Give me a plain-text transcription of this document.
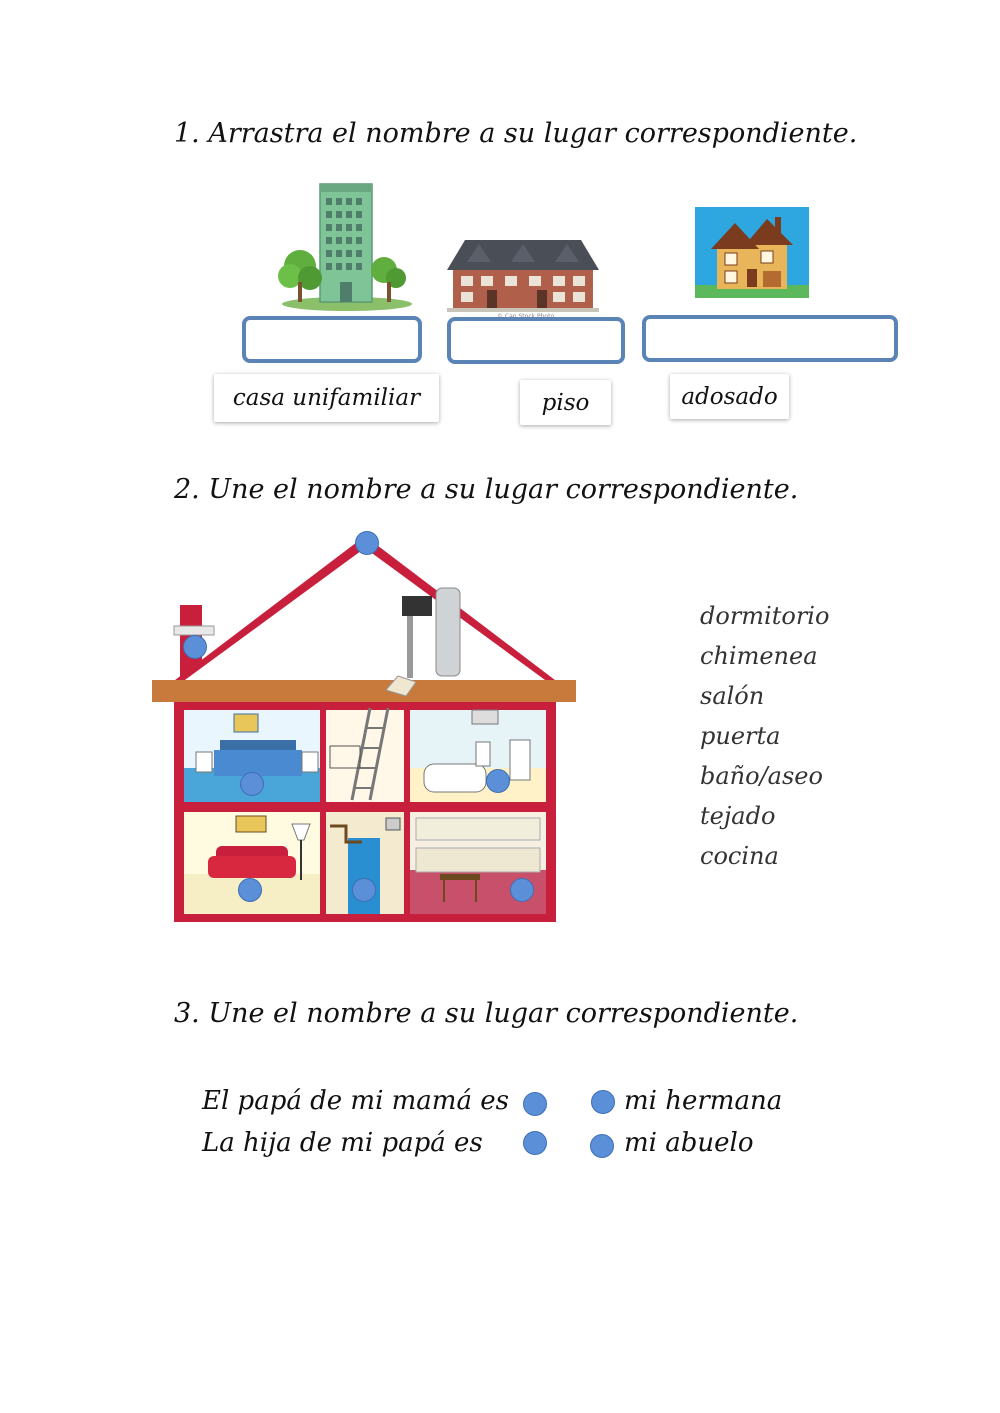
1. Arrastra el nombre a su lugar correspondiente.
casa unifamiliar	piso	adosado
2. Une el nombre a su lugar correspondiente.
dormitorio
chimenea
salón
puerta
baño/aseo
tejado
cocina
3. Une el nombre a su lugar correspondiente.
El papá de mi mamá es
La hija de mi papá es
mi hermana
mi abuelo
